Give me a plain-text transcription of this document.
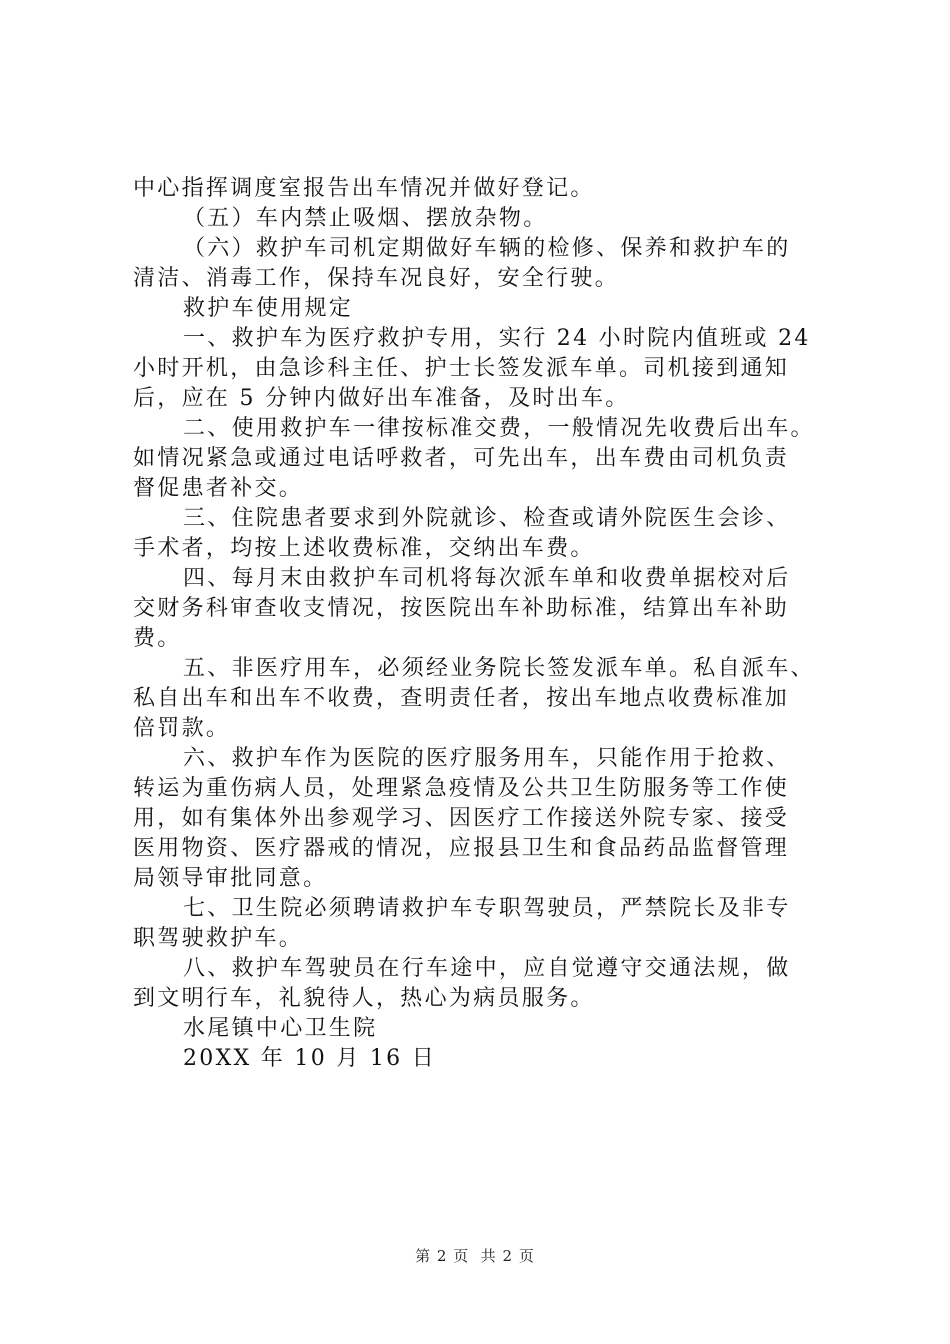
中心指挥调度室报告出车情况并做好登记。
（五）车内禁止吸烟、摆放杂物。
（六）救护车司机定期做好车辆的检修、保养和救护车的
清洁、消毒工作，保持车况良好，安全行驶。
救护车使用规定
一、救护车为医疗救护专用，实行 24 小时院内值班或 24
小时开机，由急诊科主任、护士长签发派车单。司机接到通知
后，应在 5 分钟内做好出车准备，及时出车。
二、使用救护车一律按标准交费，一般情况先收费后出车。
如情况紧急或通过电话呼救者，可先出车，出车费由司机负责
督促患者补交。
三、住院患者要求到外院就诊、检查或请外院医生会诊、
手术者，均按上述收费标准，交纳出车费。
四、每月末由救护车司机将每次派车单和收费单据校对后
交财务科审查收支情况，按医院出车补助标准，结算出车补助
费。
五、非医疗用车，必须经业务院长签发派车单。私自派车、
私自出车和出车不收费，查明责任者，按出车地点收费标准加
倍罚款。
六、救护车作为医院的医疗服务用车，只能作用于抢救、
转运为重伤病人员，处理紧急疫情及公共卫生防服务等工作使
用，如有集体外出参观学习、因医疗工作接送外院专家、接受
医用物资、医疗器戒的情况，应报县卫生和食品药品监督管理
局领导审批同意。
七、卫生院必须聘请救护车专职驾驶员，严禁院长及非专
职驾驶救护车。
八、救护车驾驶员在行车途中，应自觉遵守交通法规，做
到文明行车，礼貌待人，热心为病员服务。
水尾镇中心卫生院
20XX 年 10 月 16 日
第 2 页  共 2 页
